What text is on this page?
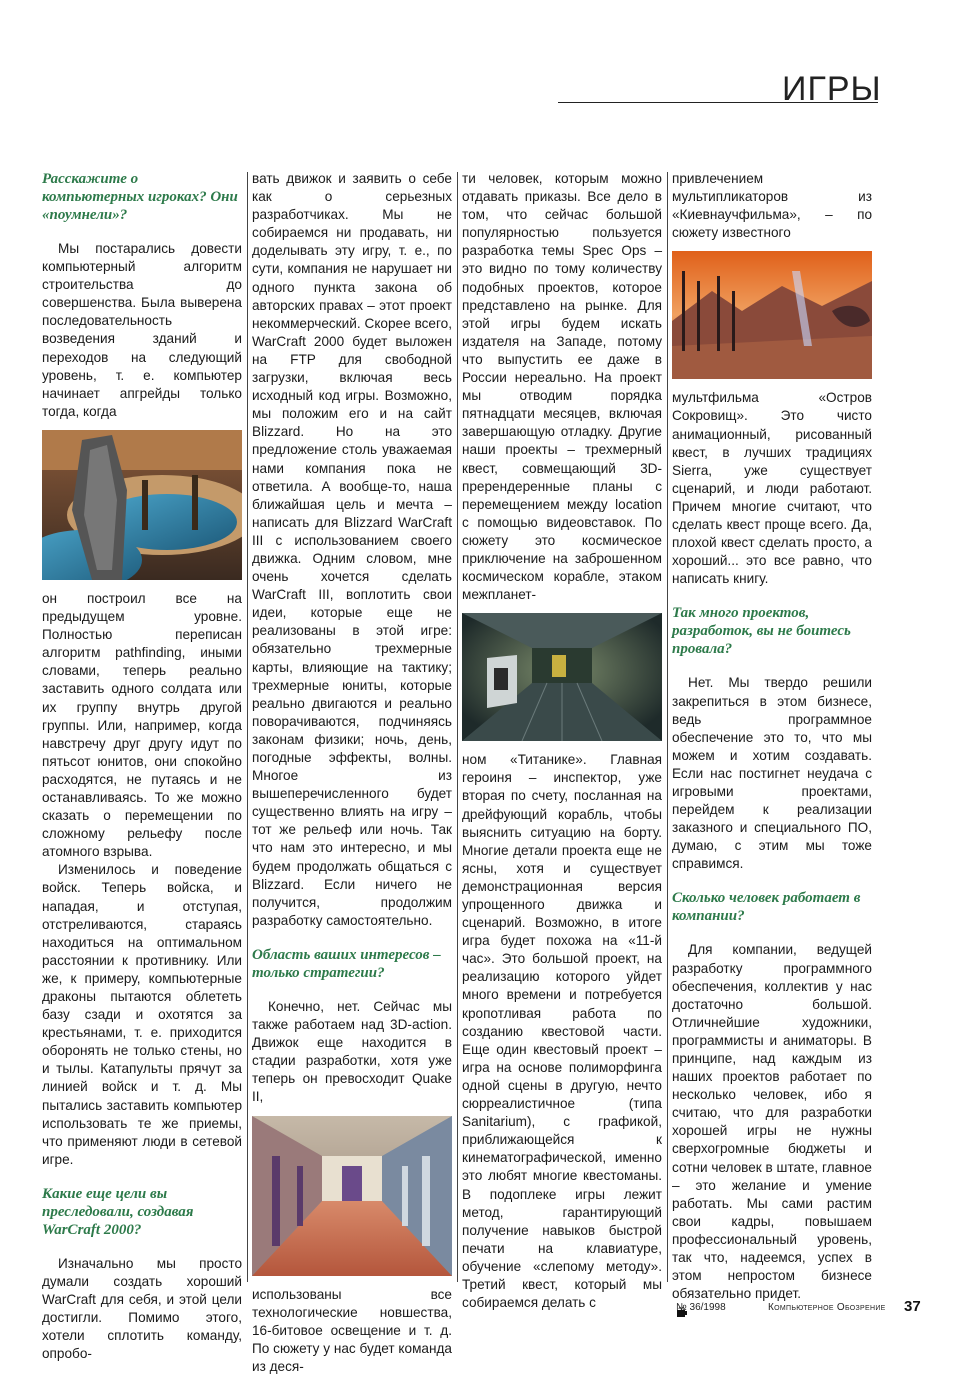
ИГРЫ
Расскажите о компьютерных игроках? Они «поумнели»?

Мы постарались довести компьютерный алгоритм строительства до совершенства. Была выверена последовательность возведения зданий и переходов на следующий уровень, т. е. компьютер начинает апгрейды только тогда, когда

он построил все на предыдущем уровне. Полностью переписан алгоритм pathfinding, иными словами, теперь реально заставить одного солдата или их группу внутрь другой группы. Или, например, когда навстречу друг другу идут по пятьсот юнитов, они спокойно расходятся, не путаясь и не останавливаясь. То же можно сказать о перемещении по сложному рельефу после атомного взрыва.

Изменилось и поведение войск. Теперь войска, и нападая, и отступая, отстреливаются, стараясь находиться на оптимальном расстоянии к противнику. Или же, к примеру, компьютерные драконы пытаются облететь базу сзади и охотятся за крестьянами, т. е. приходится оборонять не только стены, но и тылы. Катапульты прячут за линией войск и т. д. Мы пытались заставить компьютер использовать те же приемы, что применяют люди в сетевой игре.

Какие еще цели вы преследовали, создавая WarCraft 2000?

Изначально мы просто думали создать хороший WarCraft для себя, и этой цели достигли. Помимо этого, хотели сплотить команду, опробо-

вать движок и заявить о себе как о серьезных разработчиках. Мы не собираемся ни продавать, ни доделывать эту игру, т. е., по сути, компания не нарушает ни одного пункта закона об авторских правах – этот проект некоммерческий. Скорее всего, WarCraft 2000 будет выложен на FTP для свободной загрузки, включая весь исходный код игры. Возможно, мы положим его и на сайт Blizzard. Но на это предложение столь уважаемая нами компания пока не ответила. А вообще-то, наша ближайшая цель и мечта – написать для Blizzard WarCraft III с использованием своего движка. Одним словом, мне очень хочется сделать WarCraft III, воплотить свои идеи, которые еще не реализованы в этой игре: обязательно трехмерные карты, влияющие на тактику; трехмерные юниты, которые реально двигаются и реально поворачиваются, подчиняясь законам физики; ночь, день, погодные эффекты, волны. Многое из вышеперечисленного будет существенно влиять на игру – тот же рельеф или ночь. Так что нам это интересно, и мы будем продолжать общаться с Blizzard. Если ничего не получится, продолжим разработку самостоятельно.

Область ваших интересов – только стратегии?

Конечно, нет. Сейчас мы также работаем над 3D-action. Движок еще находится в стадии разработки, хотя уже теперь он превосходит Quake II,

использованы все технологические новшества, 16-битовое освещение и т. д. По сюжету у нас будет команда из деся-

ти человек, которым можно отдавать приказы. Все дело в том, что сейчас большой популярностью пользуется разработка темы Spec Ops – это видно по тому количеству подобных проектов, которое представлено на рынке. Для этой игры будем искать издателя на Западе, потому что выпустить ее даже в России нереально. На проект мы отводим порядка пятнадцати месяцев, включая завершающую отладку. Другие наши проекты – трехмерный квест, совмещающий 3D-пререндеренные планы с перемещением между location с помощью видеовставок. По сюжету это космическое приключение на заброшенном космическом корабле, этаком межпланет-

ном «Титанике». Главная героиня – инспектор, уже вторая по счету, посланная на дрейфующий корабль, чтобы выяснить ситуацию на борту. Многие детали проекта еще не ясны, хотя и существует демонстрационная версия упрощенного движка и сценарий. Возможно, в итоге игра будет похожа на «11-й час». Это большой проект, на реализацию которого уйдет много времени и потребуется кропотливая работа по созданию квестовой части. Еще один квестовый проект – игра на основе полиморфинга одной сцены в другую, нечто сюрреалистичное (типа Sanitarium), с графикой, приближающейся к кинематографической, именно это любят многие квестоманы. В подоплеке игры лежит метод, гарантирующий получение навыков быстрой печати на клавиатуре, обучение «слепому методу». Третий квест, который мы собираемся делать с

привлечением мультипликаторов из «Киевнаучфильма», – по сюжету известного

мультфильма «Остров Сокровищ». Это чисто анимационный, рисованный квест, в лучших традициях Sierra, уже существует сценарий, и люди работают. Причем многие считают, что сделать квест проще всего. Да, плохой квест сделать просто, а хороший... это все равно, что написать книгу.

Так много проектов, разработок, вы не боитесь провала?

Нет. Мы твердо решили закрепиться в этом бизнесе, ведь программное обеспечение это то, что мы можем и хотим создавать. Если нас постигнет неудача с игровыми проектами, перейдем к реализации заказного и специального ПО, думаю, с этим мы тоже справимся.

Сколько человек работает в компании?

Для компании, ведущей разработку программного обеспечения, коллектив у нас достаточно большой. Отличнейшие художники, программисты и аниматоры. В принципе, над каждым из наших проектов работает по несколько человек, ибо я считаю, что для разработки хорошей игры не нужны сверхогромные бюджеты и сотни человек в штате, главное – это желание и умение работать. Мы сами растим свои кадры, повышаем профессиональный уровень, так что, надеемся, успех в этом непростом бизнесе обязательно придет.

№ 36/1998	Компьютерное Обозрение 37
